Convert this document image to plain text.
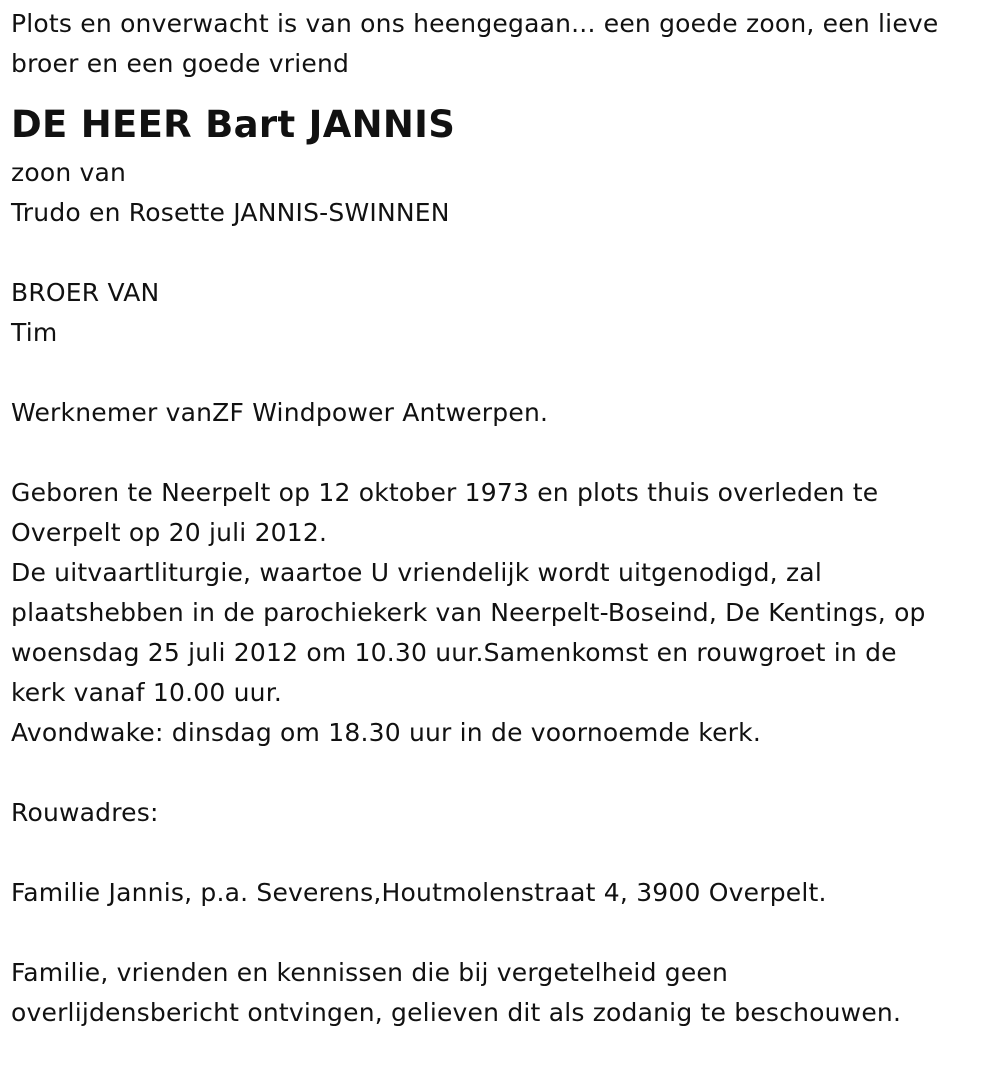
Plots en onverwacht is van ons heengegaan... een goede zoon, een lieve
broer en een goede vriend
DE HEER Bart JANNIS
zoon van
Trudo en Rosette JANNIS-SWINNEN
BROER VAN
Tim
Werknemer vanZF Windpower Antwerpen.
Geboren te Neerpelt op 12 oktober 1973 en plots thuis overleden te
Overpelt op 20 juli 2012.
De uitvaartliturgie, waartoe U vriendelijk wordt uitgenodigd, zal
plaatshebben in de parochiekerk van Neerpelt-Boseind, De Kentings, op
woensdag 25 juli 2012 om 10.30 uur.Samenkomst en rouwgroet in de
kerk vanaf 10.00 uur.
Avondwake: dinsdag om 18.30 uur in de voornoemde kerk.
Rouwadres:
Familie Jannis, p.a. Severens,Houtmolenstraat 4, 3900 Overpelt.
Familie, vrienden en kennissen die bij vergetelheid geen
overlijdensbericht ontvingen, gelieven dit als zodanig te beschouwen.
